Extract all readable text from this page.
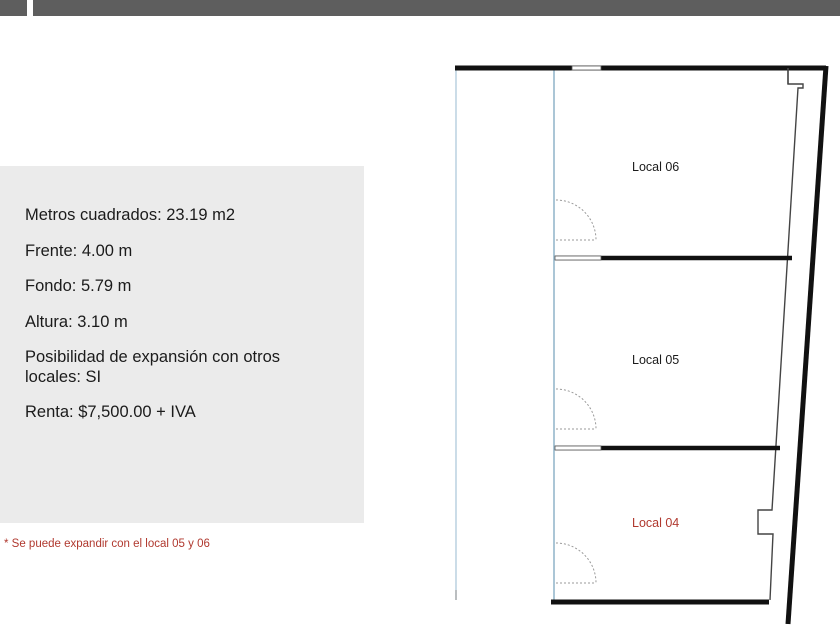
Metros cuadrados: 23.19 m2

Frente: 4.00 m

Fondo: 5.79 m

Altura: 3.10 m

Posibilidad de expansión con otros

locales: SI

Renta: $7,500.00 + IVA

* Se puede expandir con el local 05 y 06

Local 06
Local 05
Local 04
